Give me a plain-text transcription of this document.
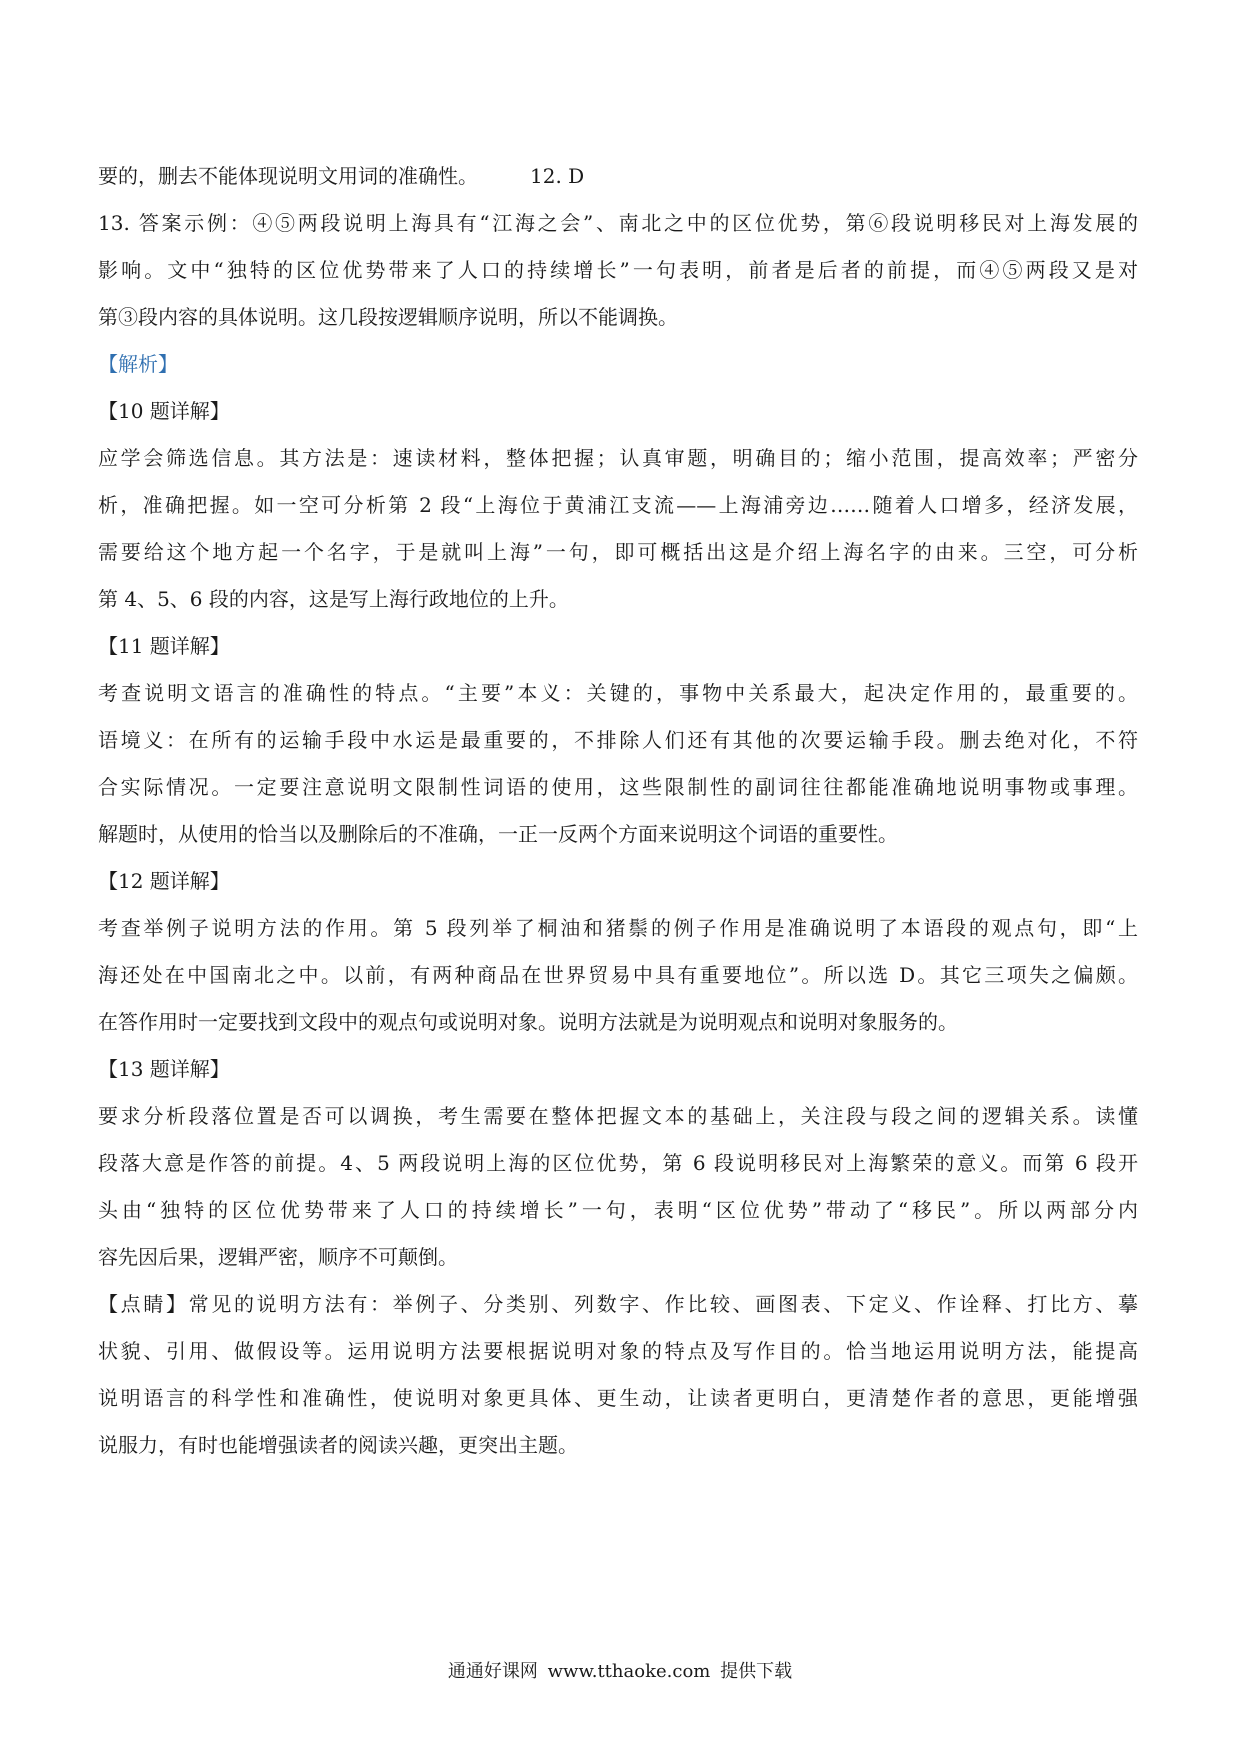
要的，删去不能体现说明文用词的准确性。	12. D
13. 答案示例：④⑤两段说明上海具有“江海之会”、南北之中的区位优势，第⑥段说明移民对上海发展的
影响。文中“独特的区位优势带来了人口的持续增长”一句表明，前者是后者的前提，而④⑤两段又是对
第③段内容的具体说明。这几段按逻辑顺序说明，所以不能调换。
【解析】
【10 题详解】
应学会筛选信息。其方法是：速读材料，整体把握；认真审题，明确目的；缩小范围，提高效率；严密分
析，准确把握。如一空可分析第 2 段“上海位于黄浦江支流——上海浦旁边……随着人口增多，经济发展，
需要给这个地方起一个名字，于是就叫上海”一句，即可概括出这是介绍上海名字的由来。三空，可分析
第 4、5、6 段的内容，这是写上海行政地位的上升。
【11 题详解】
考查说明文语言的准确性的特点。“主要”本义：关键的，事物中关系最大，起决定作用的，最重要的。
语境义：在所有的运输手段中水运是最重要的，不排除人们还有其他的次要运输手段。删去绝对化，不符
合实际情况。一定要注意说明文限制性词语的使用，这些限制性的副词往往都能准确地说明事物或事理。
解题时，从使用的恰当以及删除后的不准确，一正一反两个方面来说明这个词语的重要性。
【12 题详解】
考查举例子说明方法的作用。第 5 段列举了桐油和猪鬃的例子作用是准确说明了本语段的观点句，即“上
海还处在中国南北之中。以前，有两种商品在世界贸易中具有重要地位”。所以选 D。其它三项失之偏颇。
在答作用时一定要找到文段中的观点句或说明对象。说明方法就是为说明观点和说明对象服务的。
【13 题详解】
要求分析段落位置是否可以调换，考生需要在整体把握文本的基础上，关注段与段之间的逻辑关系。读懂
段落大意是作答的前提。4、5 两段说明上海的区位优势，第 6 段说明移民对上海繁荣的意义。而第 6 段开
头由“独特的区位优势带来了人口的持续增长”一句，表明“区位优势”带动了“移民”。所以两部分内
容先因后果，逻辑严密，顺序不可颠倒。
【点睛】常见的说明方法有：举例子、分类别、列数字、作比较、画图表、下定义、作诠释、打比方、摹
状貌、引用、做假设等。运用说明方法要根据说明对象的特点及写作目的。恰当地运用说明方法，能提高
说明语言的科学性和准确性，使说明对象更具体、更生动，让读者更明白，更清楚作者的意思，更能增强
说服力，有时也能增强读者的阅读兴趣，更突出主题。
通通好课网 www.tthaoke.com 提供下载
